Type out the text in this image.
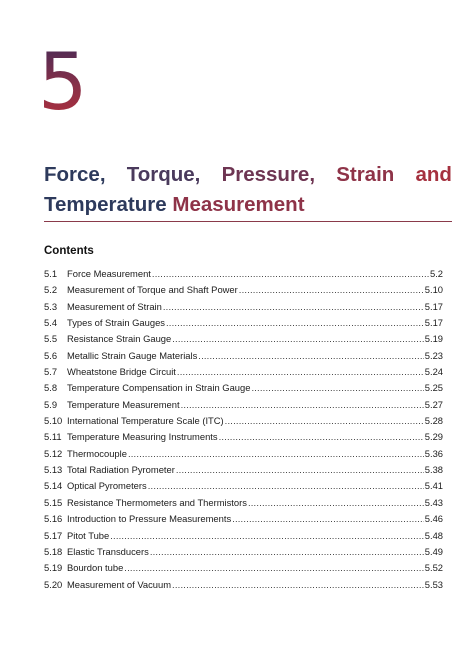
5
Force, Torque, Pressure, Strain and
Temperature Measurement
Contents
5.1	Force Measurement .....	5.2
5.2	Measurement of Torque and Shaft Power .....	5.10
5.3	Measurement of Strain .....	5.17
5.4	Types of Strain Gauges .....	5.17
5.5	Resistance Strain Gauge .....	5.19
5.6	Metallic Strain Gauge Materials .....	5.23
5.7	Wheatstone Bridge Circuit .....	5.24
5.8	Temperature Compensation in Strain Gauge .....	5.25
5.9	Temperature Measurement .....	5.27
5.10 International Temperature Scale (ITC) .....	5.28
5.11 Temperature Measuring Instruments .....	5.29
5.12 Thermocouple .....	5.36
5.13 Total Radiation Pyrometer .....	5.38
5.14 Optical Pyrometers .....	5.41
5.15 Resistance Thermometers and Thermistors .....	5.43
5.16 Introduction to Pressure Measurements .....	5.46
5.17 Pitot Tube .....	5.48
5.18 Elastic Transducers .....	5.49
5.19 Bourdon tube .....	5.52
5.20 Measurement of Vacuum .....	5.53
